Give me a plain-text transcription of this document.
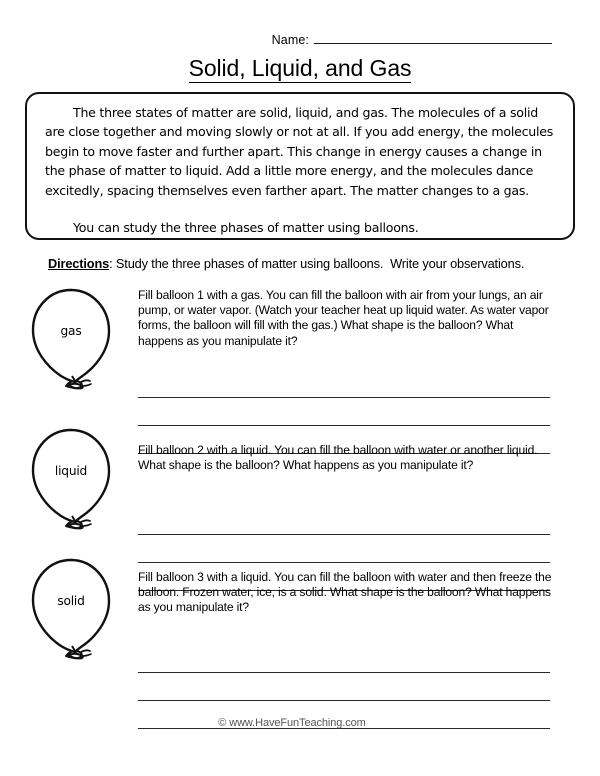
Name:
Solid, Liquid, and Gas

The three states of matter are solid, liquid, and gas. The molecules of a solid are close together and moving slowly or not at all. If you add energy, the molecules begin to move faster and further apart. This change in energy causes a change in the phase of matter to liquid. Add a little more energy, and the molecules dance excitedly, spacing themselves even farther apart. The matter changes to a gas.

You can study the three phases of matter using balloons.

Directions: Study the three phases of matter using balloons.  Write your observations.
gas
Fill balloon 1 with a gas. You can fill the balloon with air from your lungs, an air pump, or water vapor. (Watch your teacher heat up liquid water. As water vapor forms, the balloon will fill with the gas.) What shape is the balloon? What happens as you manipulate it?
liquid
Fill balloon 2 with a liquid. You can fill the balloon with water or another liquid. What shape is the balloon? What happens as you manipulate it?
solid
Fill balloon 3 with a liquid. You can fill the balloon with water and then freeze the balloon. Frozen water, ice, is a solid. What shape is the balloon? What happens as you manipulate it?
© www.HaveFunTeaching.com
